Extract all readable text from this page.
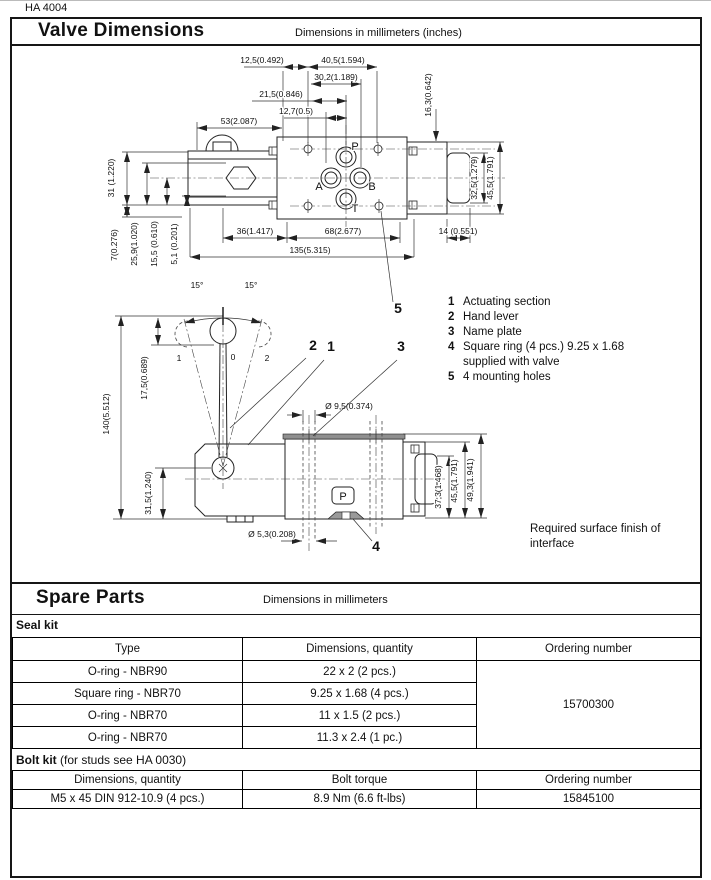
HA 4004
Valve Dimensions	Dimensions in millimeters (inches)
P
A	B
T
12,5(0.492)	40,5(1.594)
30,2(1.189)
21,5(0.846)
12,7(0.5)
53(2.087)
16,3(0.642)
32,5(1.279) 45,5(1.791)
31 (1.220)
7(0.276) 25,9(1.020) 15,5 (0.610) 5,1 (0.201)	36(1.417)	68(2.677)	14 (0.551)
135(5.315)
5
P
15°	15°
1	0	2
17,5(0.689)
140(5.512)
31,5(1.240)
Ø 9,5(0.374)
Ø 5,3(0.208)
37,3(1.468) 45,5(1.791) 49,3(1.941)
2 1	3
4
1 Actuating section
2 Hand lever
3 Name plate
4 Square ring (4 pcs.) 9.25 x 1.68
supplied with valve
5 4 mounting holes
Required surface finish of interface
Spare Parts	Dimensions in millimeters
Seal kit
Type	Dimensions, quantity	Ordering number
O-ring - NBR90	22 x 2 (2 pcs.)	15700300
Square ring - NBR70	9.25 x 1.68 (4 pcs.)	
O-ring - NBR70	11 x 1.5 (2 pcs.)	
O-ring - NBR70	11.3 x 2.4 (1 pc.)	
Bolt kit (for studs see HA 0030)
Dimensions, quantity	Bolt torque	Ordering number
M5 x 45 DIN 912-10.9 (4 pcs.)	8.9 Nm (6.6 ft-lbs)	15845100
